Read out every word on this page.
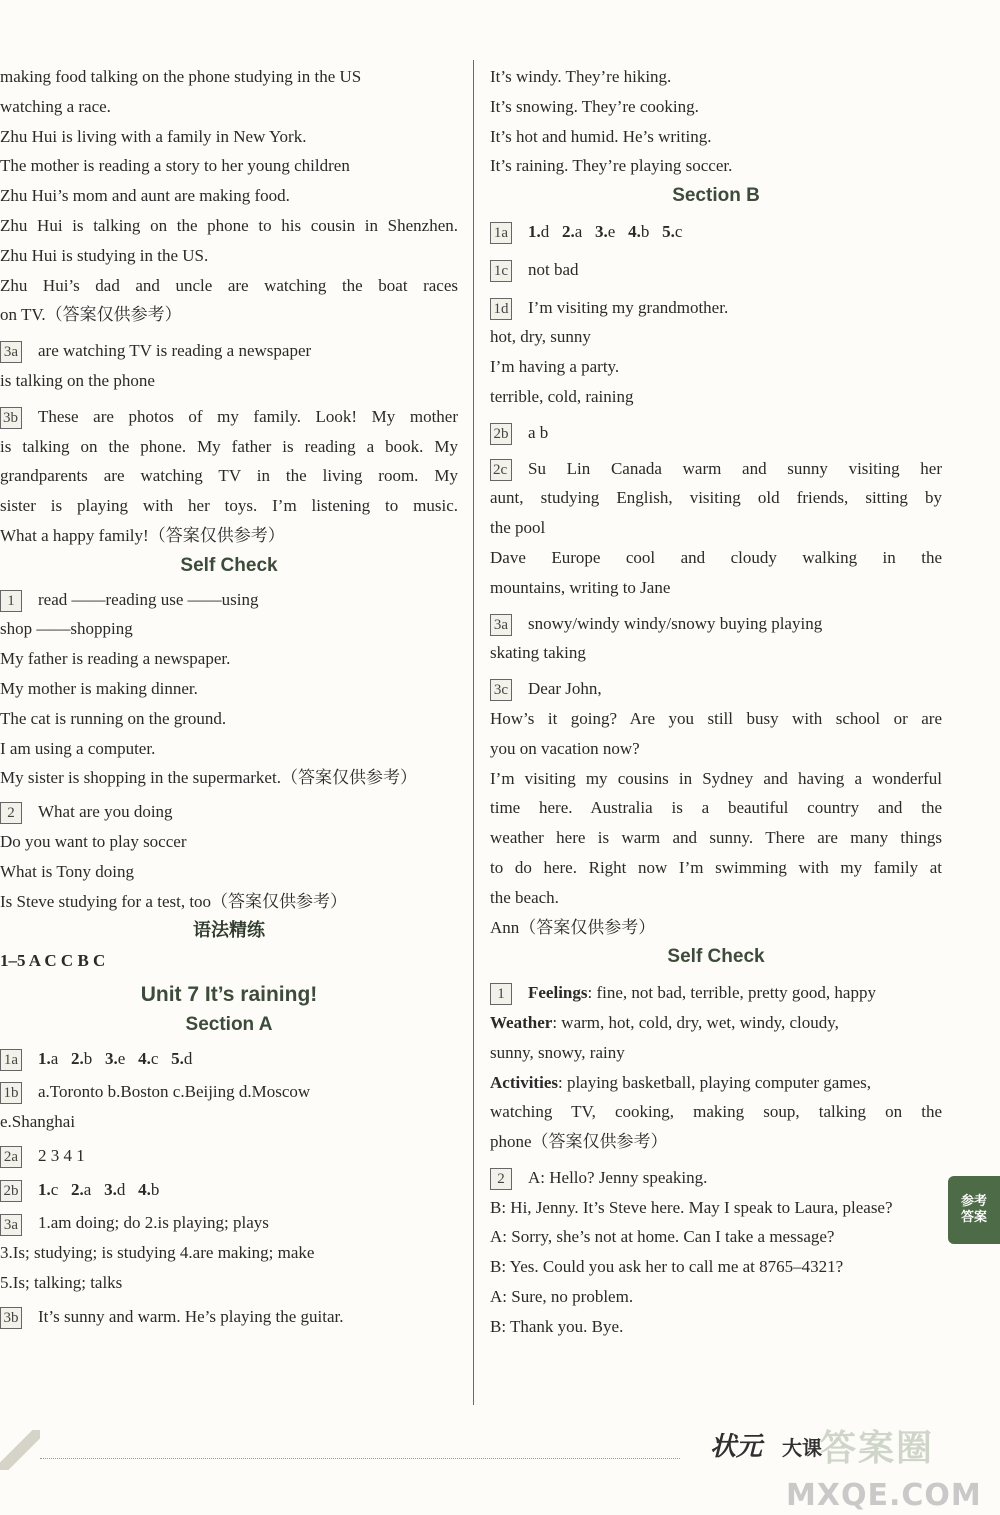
making food talking on the phone studying in the US
watching a race.
Zhu Hui is living with a family in New York.
The mother is reading a story to her young children
Zhu Hui’s mom and aunt are making food.
Zhu Hui is talking on the phone to his cousin in Shenzhen.
Zhu Hui is studying in the US.
Zhu Hui’s dad and uncle are watching the boat races
on TV.（答案仅供参考）
3a are watching TV is reading a newspaper
is talking on the phone
3b These are photos of my family. Look! My mother
is talking on the phone. My father is reading a book. My
grandparents are watching TV in the living room. My
sister is playing with her toys. I’m listening to music.
What a happy family!（答案仅供参考）
Self Check
1 read ——reading use ——using
shop ——shopping
My father is reading a newspaper.
My mother is making dinner.
The cat is running on the ground.
I am using a computer.
My sister is shopping in the supermarket.（答案仅供参考）
2 What are you doing
Do you want to play soccer
What is Tony doing
Is Steve studying for a test, too（答案仅供参考）
语法精练
1–5 A C C B C
Unit 7 It’s raining!
Section A
1a 1.a 2.b 3.e 4.c 5.d
1b a.Toronto b.Boston c.Beijing d.Moscow
e.Shanghai
2a 2 3 4 1
2b 1.c 2.a 3.d 4.b
3a 1.am doing; do 2.is playing; plays
3.Is; studying; is studying 4.are making; make
5.Is; talking; talks
3b It’s sunny and warm. He’s playing the guitar.
It’s windy. They’re hiking.
It’s snowing. They’re cooking.
It’s hot and humid. He’s writing.
It’s raining. They’re playing soccer.
Section B
1a 1.d 2.a 3.e 4.b 5.c
1c not bad
1d I’m visiting my grandmother.
hot, dry, sunny
I’m having a party.
terrible, cold, raining
2b a b
2c Su Lin Canada warm and sunny visiting her
aunt, studying English, visiting old friends, sitting by
the pool
Dave Europe cool and cloudy walking in the
mountains, writing to Jane
3a snowy/windy windy/snowy buying playing
skating taking
3c Dear John,
How’s it going? Are you still busy with school or are
you on vacation now?
I’m visiting my cousins in Sydney and having a wonderful
time here. Australia is a beautiful country and the
weather here is warm and sunny. There are many things
to do here. Right now I’m swimming with my family at
the beach.
Ann（答案仅供参考）
Self Check
1 Feelings: fine, not bad, terrible, pretty good, happy
Weather: warm, hot, cold, dry, wet, windy, cloudy,
sunny, snowy, rainy
Activities: playing basketball, playing computer games,
watching TV, cooking, making soup, talking on the
phone（答案仅供参考）
2 A: Hello? Jenny speaking.
B: Hi, Jenny. It’s Steve here. May I speak to Laura, please?
A: Sorry, she’s not at home. Can I take a message?
B: Yes. Could you ask her to call me at 8765–4321?
A: Sure, no problem.
B: Thank you. Bye.
参考
答案
状元 大课
答案圈
MXQE.COM
